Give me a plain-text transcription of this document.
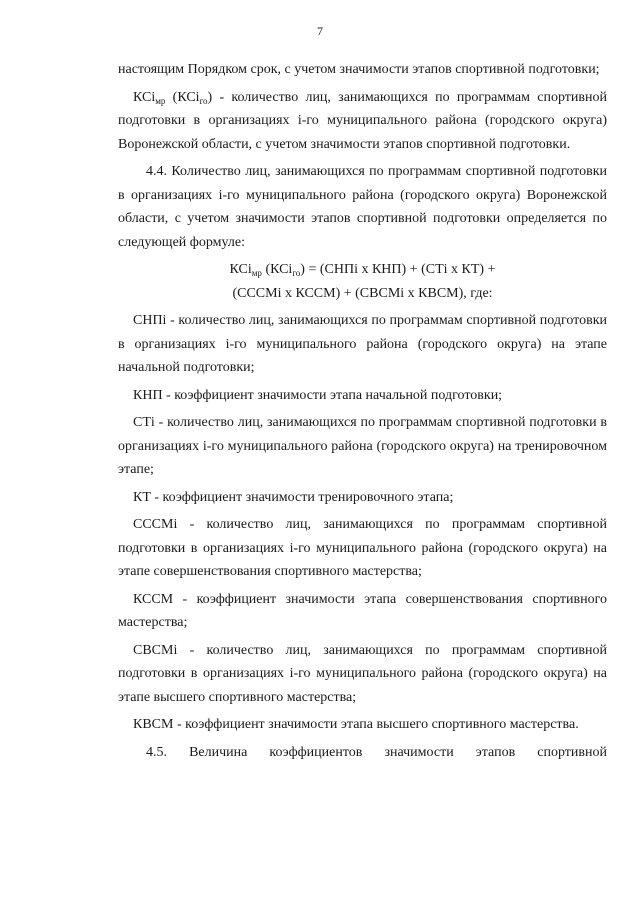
7

настоящим Порядком срок, с учетом значимости этапов спортивной подготовки;

КСi$_{мр}$ (КСi$_{го}$) - количество лиц, занимающихся по программам спортивной подготовки в организациях i-го муниципального района (городского округа) Воронежской области, с учетом значимости этапов спортивной подготовки.

4.4. Количество лиц, занимающихся по программам спортивной подготовки в организациях i-го муниципального района (городского округа) Воронежской области, с учетом значимости этапов спортивной подготовки определяется по следующей формуле:

КСi$_{мр}$ (КСi$_{го}$) = (СНПi х КНП) + (СТi х КТ) +

(СССМi х КССМ) + (СВСМi х КВСМ), где:

СНПi - количество лиц, занимающихся по программам спортивной подготовки в организациях i-го муниципального района (городского округа) на этапе начальной подготовки;

КНП - коэффициент значимости этапа начальной подготовки;

СТi - количество лиц, занимающихся по программам спортивной подготовки в организациях i-го муниципального района (городского округа) на тренировочном этапе;

КТ - коэффициент значимости тренировочного этапа;

СССМi - количество лиц, занимающихся по программам спортивной подготовки в организациях i-го муниципального района (городского округа) на этапе совершенствования спортивного мастерства;

КССМ - коэффициент значимости этапа совершенствования спортивного мастерства;

СВСМi - количество лиц, занимающихся по программам спортивной подготовки в организациях i-го муниципального района (городского округа) на этапе высшего спортивного мастерства;

КВСМ - коэффициент значимости этапа высшего спортивного мастерства.

4.5. Величина коэффициентов значимости этапов спортивной
